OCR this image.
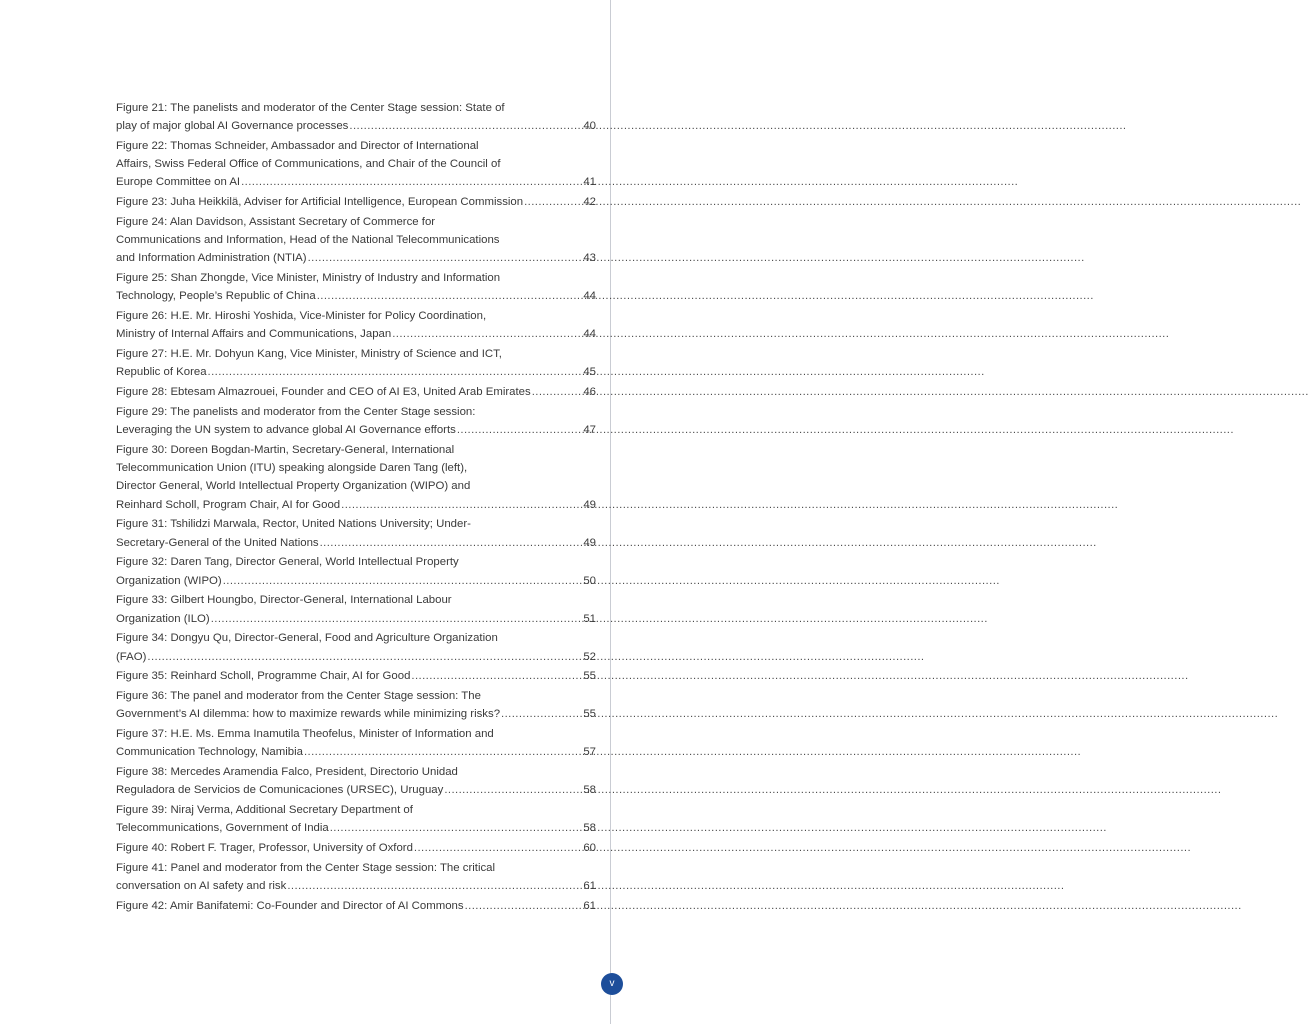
Figure 21: The panelists and moderator of the Center Stage session: State of
play of major global AI Governance processes .....	40
Figure 22: Thomas Schneider, Ambassador and Director of International
Affairs, Swiss Federal Office of Communications, and Chair of the Council of
Europe Committee on AI .....	41
Figure 23: Juha Heikkilä, Adviser for Artificial Intelligence, European Commission .....	42
Figure 24: Alan Davidson, Assistant Secretary of Commerce for
Communications and Information, Head of the National Telecommunications
and Information Administration (NTIA) .....	43
Figure 25: Shan Zhongde, Vice Minister, Ministry of Industry and Information
Technology, People’s Republic of China .....	44
Figure 26: H.E. Mr. Hiroshi Yoshida, Vice-Minister for Policy Coordination,
Ministry of Internal Affairs and Communications, Japan .....	44
Figure 27: H.E. Mr. Dohyun Kang, Vice Minister, Ministry of Science and ICT,
Republic of Korea .....	45
Figure 28: Ebtesam Almazrouei, Founder and CEO of AI E3, United Arab Emirates .....	46
Figure 29: The panelists and moderator from the Center Stage session:
Leveraging the UN system to advance global AI Governance efforts .....	47
Figure 30: Doreen Bogdan-Martin, Secretary-General, International
Telecommunication Union (ITU) speaking alongside Daren Tang (left),
Director General, World Intellectual Property Organization (WIPO) and
Reinhard Scholl, Program Chair, AI for Good .....	49
Figure 31: Tshilidzi Marwala, Rector, United Nations University; Under-
Secretary-General of the United Nations .....	49
Figure 32: Daren Tang, Director General, World Intellectual Property
Organization (WIPO) .....	50
Figure 33: Gilbert Houngbo, Director-General, International Labour
Organization (ILO) .....	51
Figure 34: Dongyu Qu, Director-General, Food and Agriculture Organization
(FAO) .....	52
Figure 35: Reinhard Scholl, Programme Chair, AI for Good .....	55
Figure 36: The panel and moderator from the Center Stage session: The
Government’s AI dilemma: how to maximize rewards while minimizing risks? .....	55
Figure 37: H.E. Ms. Emma Inamutila Theofelus, Minister of Information and
Communication Technology, Namibia .....	57
Figure 38: Mercedes Aramendia Falco, President, Directorio Unidad
Reguladora de Servicios de Comunicaciones (URSEC), Uruguay .....	58
Figure 39: Niraj Verma, Additional Secretary Department of
Telecommunications, Government of India .....	58
Figure 40: Robert F. Trager, Professor, University of Oxford .....	60
Figure 41: Panel and moderator from the Center Stage session: The critical
conversation on AI safety and risk .....	61
Figure 42: Amir Banifatemi: Co-Founder and Director of AI Commons .....	61
v
